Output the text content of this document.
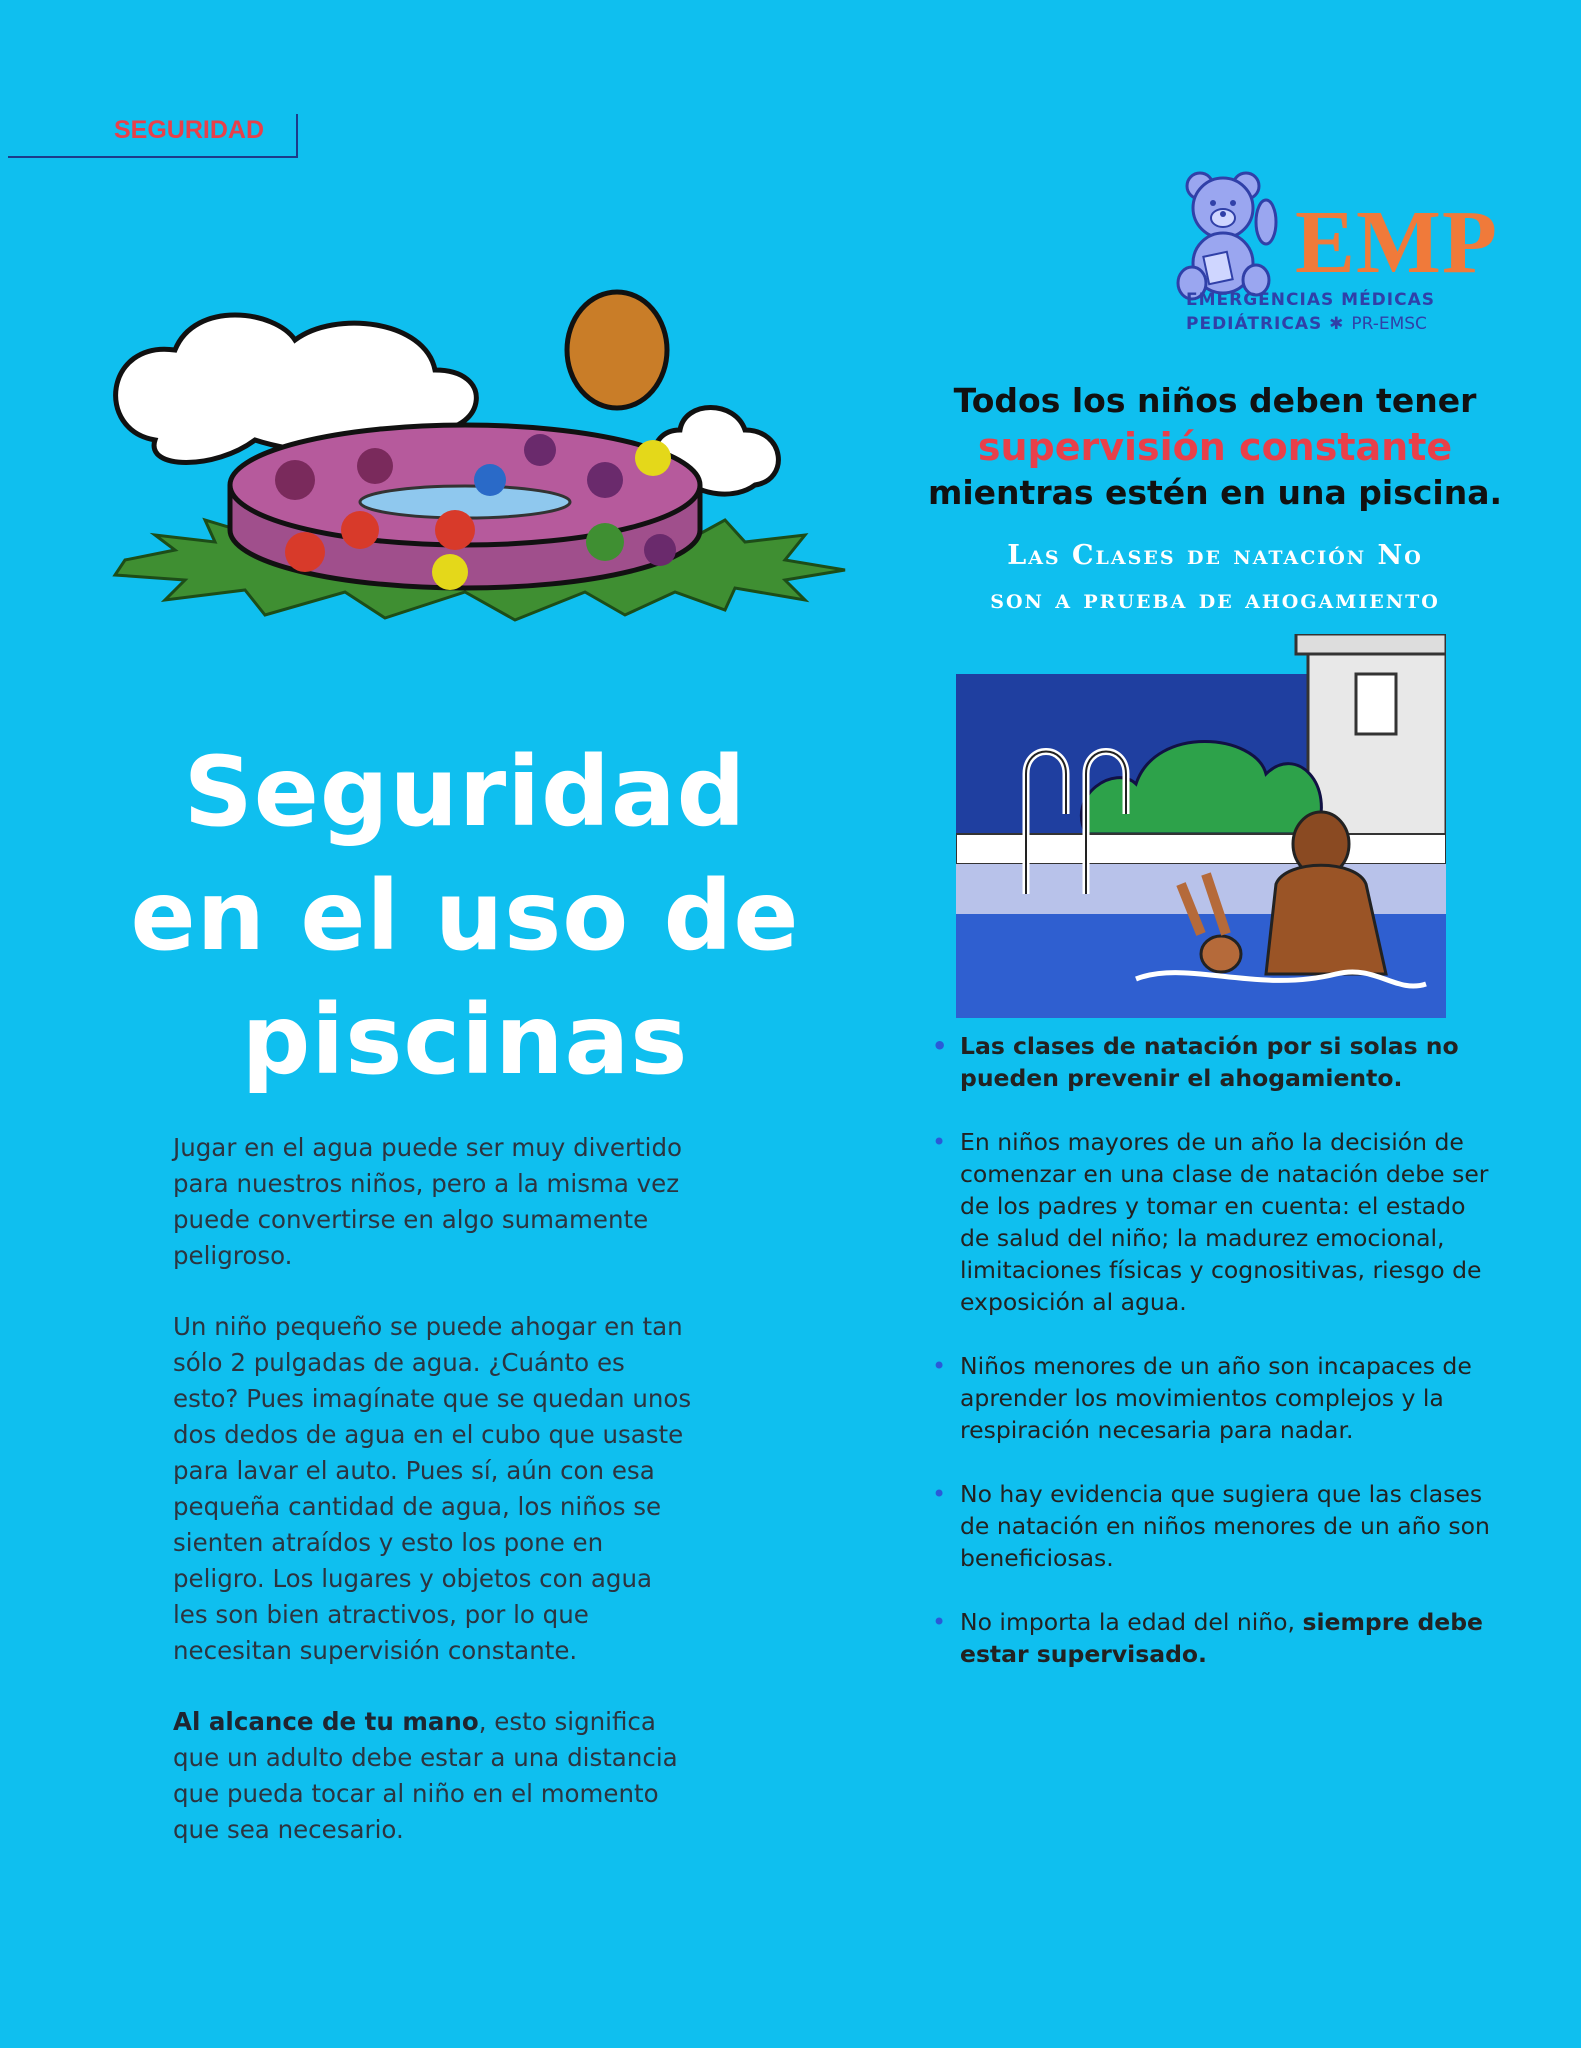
SEGURIDAD
EMP
EMERGENCIAS MÉDICAS
PEDIÁTRICAS ✱ PR-EMSC
Todos los niños deben tener
supervisión constante
mientras estén en una piscina.
Las Clases de natación No
son a prueba de ahogamiento
Seguridad
en el uso de
piscinas

Jugar en el agua puede ser muy divertido para nuestros niños, pero a la misma vez puede convertirse en algo sumamente peligroso.

Un niño pequeño se puede ahogar en tan sólo 2 pulgadas de agua. ¿Cuánto es esto? Pues imagínate que se quedan unos dos dedos de agua en el cubo que usaste para lavar el auto. Pues sí, aún con esa pequeña cantidad de agua, los niños se sienten atraídos y esto los pone en peligro. Los lugares y objetos con agua les son bien atractivos, por lo que necesitan supervisión constante.

Al alcance de tu mano, esto significa que un adulto debe estar a una distancia que pueda tocar al niño en el momento que sea necesario.

• Las clases de natación por si solas no pueden prevenir el ahogamiento.
• En niños mayores de un año la decisión de comenzar en una clase de natación debe ser de los padres y tomar en cuenta: el estado de salud del niño; la madurez emocional, limitaciones físicas y cognositivas, riesgo de exposición al agua.
• Niños menores de un año son incapaces de aprender los movimientos complejos y la respiración necesaria para nadar.
• No hay evidencia que sugiera que las clases de natación en niños menores de un año son beneficiosas.
• No importa la edad del niño, siempre debe estar supervisado.
